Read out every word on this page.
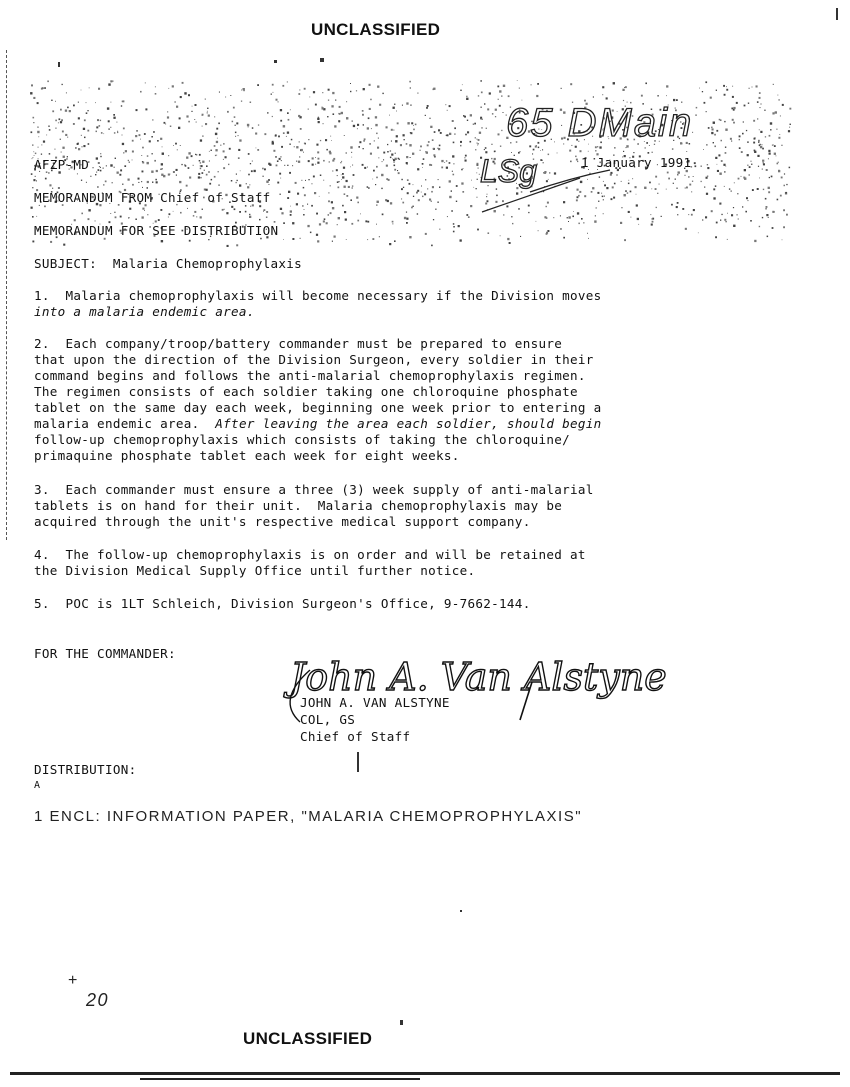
UNCLASSIFIED
65 DMain
LSg
AFZP-MD	1 January 1991
MEMORANDUM FROM Chief of Staff
MEMORANDUM FOR SEE DISTRIBUTION
SUBJECT: Malaria Chemoprophylaxis
1. Malaria chemoprophylaxis will become necessary if the Division moves
into a malaria endemic area.
2. Each company/troop/battery commander must be prepared to ensure
that upon the direction of the Division Surgeon, every soldier in their
command begins and follows the anti-malarial chemoprophylaxis regimen.
The regimen consists of each soldier taking one chloroquine phosphate
tablet on the same day each week, beginning one week prior to entering a
malaria endemic area. After leaving the area each soldier, should begin
follow-up chemoprophylaxis which consists of taking the chloroquine/
primaquine phosphate tablet each week for eight weeks.
3. Each commander must ensure a three (3) week supply of anti-malarial
tablets is on hand for their unit.  Malaria chemoprophylaxis may be
acquired through the unit's respective medical support company.
4. The follow-up chemoprophylaxis is on order and will be retained at
the Division Medical Supply Office until further notice.
5. POC is 1LT Schleich, Division Surgeon's Office, 9-7662-144.
FOR THE COMMANDER:
John A. Van Alstyne
JOHN A. VAN ALSTYNE
COL, GS
Chief of Staff
DISTRIBUTION:
A
1 ENCL: INFORMATION PAPER, "MALARIA CHEMOPROPHYLAXIS"
+
20
UNCLASSIFIED
